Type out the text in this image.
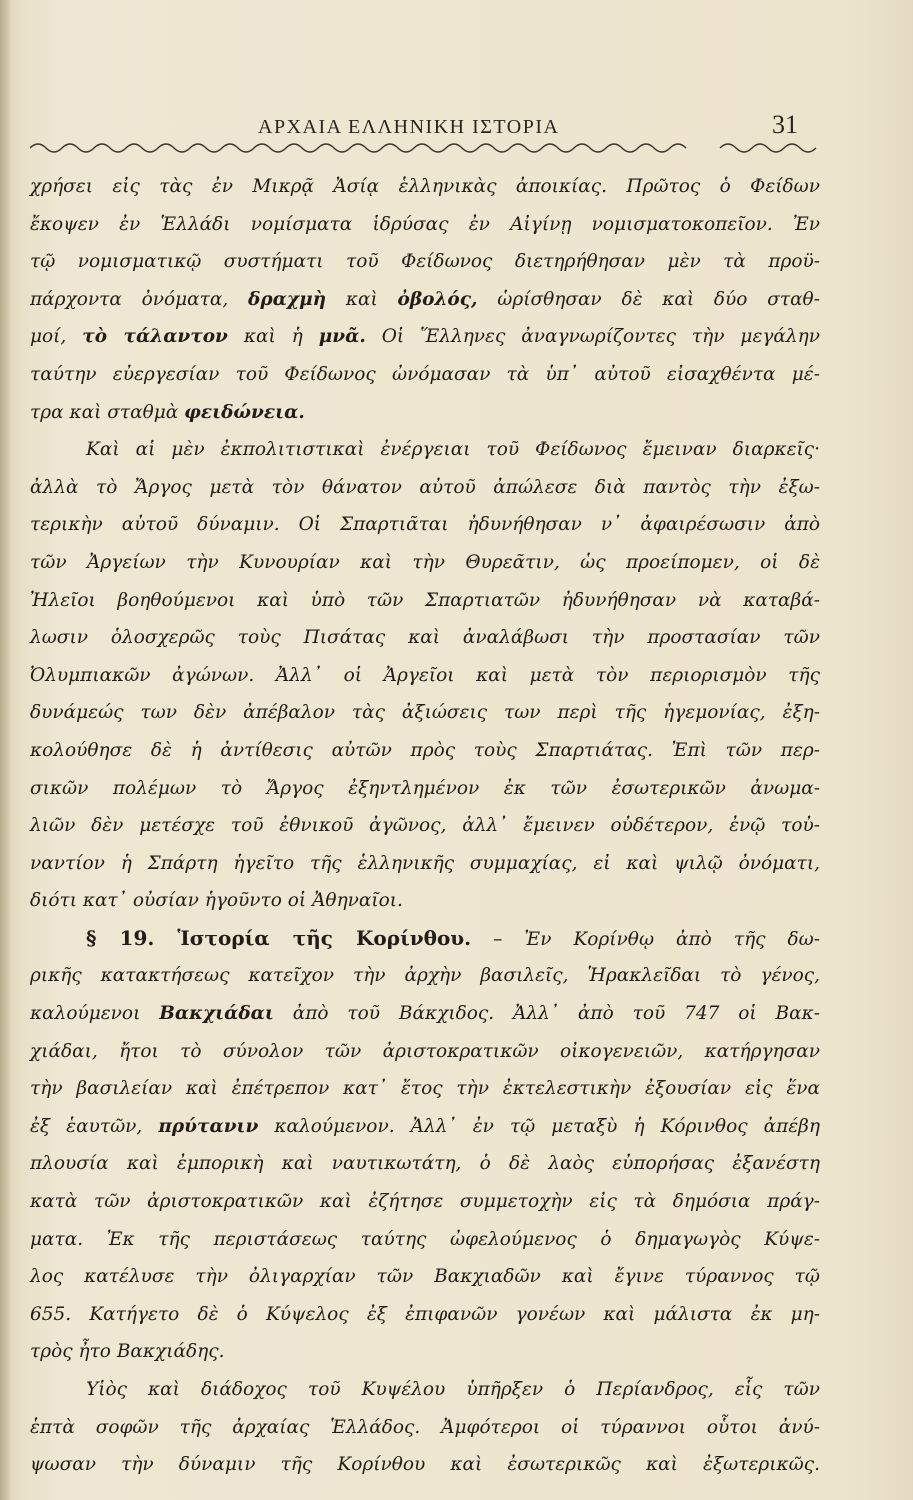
ΑΡΧΑΙΑ ΕΛΛΗΝΙΚΗ ΙΣΤΟΡΙΑ	31
χρήσει εἰς τὰς ἐν Μικρᾷ Ἀσίᾳ ἑλληνικὰς ἀποικίας. Πρῶτος ὁ Φείδων
ἔκοψεν ἐν Ἑλλάδι νομίσματα ἱδρύσας ἐν Αἰγίνῃ νομισματοκοπεῖον. Ἐν
τῷ νομισματικῷ συστήματι τοῦ Φείδωνος διετηρήθησαν μὲν τὰ προϋ-
πάρχοντα ὀνόματα, δραχμὴ καὶ ὀβολός, ὡρίσθησαν δὲ καὶ δύο σταθ-
μοί, τὸ τάλαντον καὶ ἡ μνᾶ. Οἱ Ἕλληνες ἀναγνωρίζοντες τὴν μεγάλην
ταύτην εὐεργεσίαν τοῦ Φείδωνος ὠνόμασαν τὰ ὑπ᾿ αὐτοῦ εἰσαχθέντα μέ-
τρα καὶ σταθμὰ φειδώνεια.
Καὶ αἱ μὲν ἐκπολιτιστικαὶ ἐνέργειαι τοῦ Φείδωνος ἔμειναν διαρκεῖς·
ἀλλὰ τὸ Ἄργος μετὰ τὸν θάνατον αὐτοῦ ἀπώλεσε διὰ παντὸς τὴν ἐξω-
τερικὴν αὐτοῦ δύναμιν. Οἱ Σπαρτιᾶται ἠδυνήθησαν ν᾿ ἀφαιρέσωσιν ἀπὸ
τῶν Ἀργείων τὴν Κυνουρίαν καὶ τὴν Θυρεᾶτιν, ὡς προείπομεν, οἱ δὲ
Ἠλεῖοι βοηθούμενοι καὶ ὑπὸ τῶν Σπαρτιατῶν ἠδυνήθησαν νὰ καταβά-
λωσιν ὁλοσχερῶς τοὺς Πισάτας καὶ ἀναλάβωσι τὴν προστασίαν τῶν
Ὀλυμπιακῶν ἀγώνων. Ἀλλ᾿ οἱ Ἀργεῖοι καὶ μετὰ τὸν περιορισμὸν τῆς
δυνάμεώς των δὲν ἀπέβαλον τὰς ἀξιώσεις των περὶ τῆς ἡγεμονίας, ἐξη-
κολούθησε δὲ ἡ ἀντίθεσις αὐτῶν πρὸς τοὺς Σπαρτιάτας. Ἐπὶ τῶν περ-
σικῶν πολέμων τὸ Ἄργος ἐξηντλημένον ἐκ τῶν ἐσωτερικῶν ἀνωμα-
λιῶν δὲν μετέσχε τοῦ ἐθνικοῦ ἀγῶνος, ἀλλ᾿ ἔμεινεν οὐδέτερον, ἐνῷ τοὐ-
ναντίον ἡ Σπάρτη ἡγεῖτο τῆς ἑλληνικῆς συμμαχίας, εἰ καὶ ψιλῷ ὀνόματι,
διότι κατ᾿ οὐσίαν ἡγοῦντο οἱ Ἀθηναῖοι.
§ 19. Ἱστορία τῆς Κορίνθου. – Ἐν Κορίνθῳ ἀπὸ τῆς δω-
ρικῆς κατακτήσεως κατεῖχον τὴν ἀρχὴν βασιλεῖς, Ἡρακλεῖδαι τὸ γένος,
καλούμενοι Βακχιάδαι ἀπὸ τοῦ Βάκχιδος. Ἀλλ᾿ ἀπὸ τοῦ 747 οἱ Βακ-
χιάδαι, ἤτοι τὸ σύνολον τῶν ἀριστοκρατικῶν οἰκογενειῶν, κατήργησαν
τὴν βασιλείαν καὶ ἐπέτρεπον κατ᾿ ἔτος τὴν ἐκτελεστικὴν ἐξουσίαν εἰς ἕνα
ἐξ ἑαυτῶν, πρύτανιν καλούμενον. Ἀλλ᾿ ἐν τῷ μεταξὺ ἡ Κόρινθος ἀπέβη
πλουσία καὶ ἐμπορικὴ καὶ ναυτικωτάτη, ὁ δὲ λαὸς εὐπορήσας ἐξανέστη
κατὰ τῶν ἀριστοκρατικῶν καὶ ἐζήτησε συμμετοχὴν εἰς τὰ δημόσια πράγ-
ματα. Ἐκ τῆς περιστάσεως ταύτης ὠφελούμενος ὁ δημαγωγὸς Κύψε-
λος κατέλυσε τὴν ὀλιγαρχίαν τῶν Βακχιαδῶν καὶ ἔγινε τύραννος τῷ
655. Κατήγετο δὲ ὁ Κύψελος ἐξ ἐπιφανῶν γονέων καὶ μάλιστα ἐκ μη-
τρὸς ἦτο Βακχιάδης.
Υἱὸς καὶ διάδοχος τοῦ Κυψέλου ὑπῆρξεν ὁ Περίανδρος, εἷς τῶν
ἑπτὰ σοφῶν τῆς ἀρχαίας Ἑλλάδος. Ἀμφότεροι οἱ τύραννοι οὗτοι ἀνύ-
ψωσαν τὴν δύναμιν τῆς Κορίνθου καὶ ἐσωτερικῶς καὶ ἐξωτερικῶς.
